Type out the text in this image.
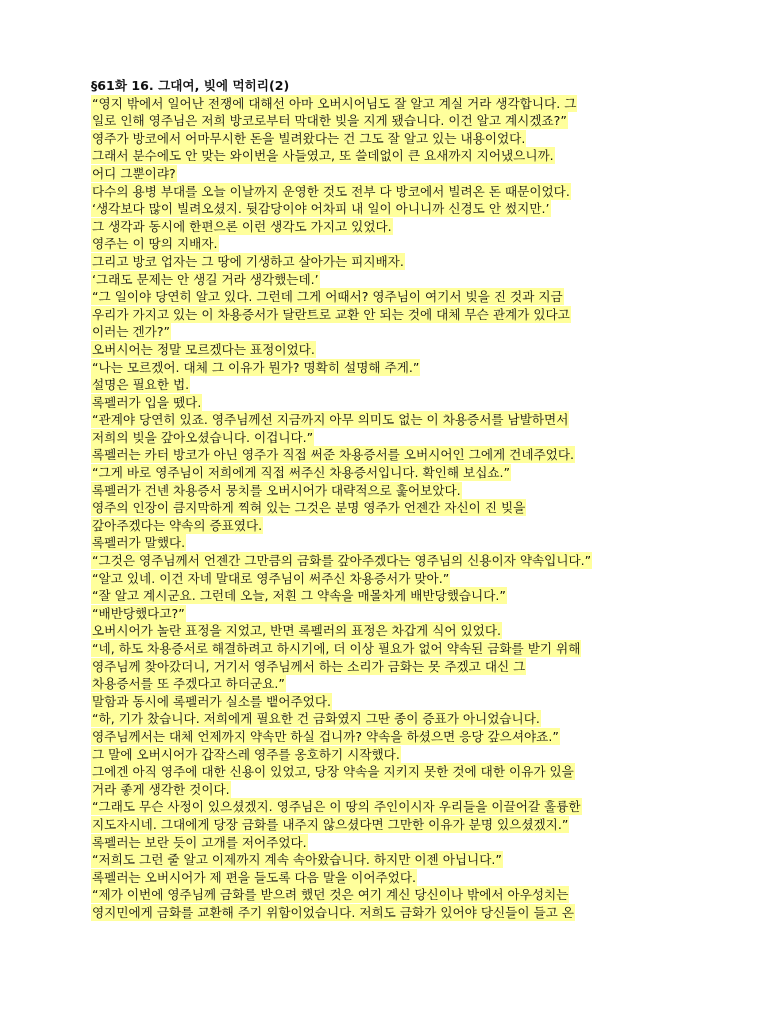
§61화 16. 그대여, 빚에 먹히리(2)
“영지 밖에서 일어난 전쟁에 대해선 아마 오버시어님도 잘 알고 계실 거라 생각합니다. 그
일로 인해 영주님은 저희 방코로부터 막대한 빚을 지게 됐습니다. 이건 알고 계시겠죠?”
영주가 방코에서 어마무시한 돈을 빌려왔다는 건 그도 잘 알고 있는 내용이었다.
그래서 분수에도 안 맞는 와이번을 사들였고, 또 쓸데없이 큰 요새까지 지어냈으니까.
어디 그뿐이랴?
다수의 용병 부대를 오늘 이날까지 운영한 것도 전부 다 방코에서 빌려온 돈 때문이었다.
‘생각보다 많이 빌려오셨지. 뒷감당이야 어차피 내 일이 아니니까 신경도 안 썼지만.’
그 생각과 동시에 한편으론 이런 생각도 가지고 있었다.
영주는 이 땅의 지배자.
그리고 방코 업자는 그 땅에 기생하고 살아가는 피지배자.
‘그래도 문제는 안 생길 거라 생각했는데.’
“그 일이야 당연히 알고 있다. 그런데 그게 어때서? 영주님이 여기서 빚을 진 것과 지금
우리가 가지고 있는 이 차용증서가 달란트로 교환 안 되는 것에 대체 무슨 관계가 있다고
이러는 겐가?”
오버시어는 정말 모르겠다는 표정이었다.
“나는 모르겠어. 대체 그 이유가 뭔가? 명확히 설명해 주게.”
설명은 필요한 법.
록펠러가 입을 뗐다.
“관계야 당연히 있죠. 영주님께선 지금까지 아무 의미도 없는 이 차용증서를 남발하면서
저희의 빚을 갚아오셨습니다. 이겁니다.”
록펠러는 카터 방코가 아닌 영주가 직접 써준 차용증서를 오버시어인 그에게 건네주었다.
“그게 바로 영주님이 저희에게 직접 써주신 차용증서입니다. 확인해 보십쇼.”
록펠러가 건넨 차용증서 뭉치를 오버시어가 대략적으로 훑어보았다.
영주의 인장이 큼지막하게 찍혀 있는 그것은 분명 영주가 언젠간 자신이 진 빚을
갚아주겠다는 약속의 증표였다.
록펠러가 말했다.
“그것은 영주님께서 언젠간 그만큼의 금화를 갚아주겠다는 영주님의 신용이자 약속입니다.”
“알고 있네. 이건 자네 말대로 영주님이 써주신 차용증서가 맞아.”
“잘 알고 계시군요. 그런데 오늘, 저흰 그 약속을 매몰차게 배반당했습니다.”
“배반당했다고?”
오버시어가 놀란 표정을 지었고, 반면 록펠러의 표정은 차갑게 식어 있었다.
“네, 하도 차용증서로 해결하려고 하시기에, 더 이상 필요가 없어 약속된 금화를 받기 위해
영주님께 찾아갔더니, 거기서 영주님께서 하는 소리가 금화는 못 주겠고 대신 그
차용증서를 또 주겠다고 하더군요.”
말함과 동시에 록펠러가 실소를 뱉어주었다.
“하, 기가 찼습니다. 저희에게 필요한 건 금화였지 그딴 종이 증표가 아니었습니다.
영주님께서는 대체 언제까지 약속만 하실 겁니까? 약속을 하셨으면 응당 갚으셔야죠.”
그 말에 오버시어가 갑작스레 영주를 옹호하기 시작했다.
그에겐 아직 영주에 대한 신용이 있었고, 당장 약속을 지키지 못한 것에 대한 이유가 있을
거라 좋게 생각한 것이다.
“그래도 무슨 사정이 있으셨겠지. 영주님은 이 땅의 주인이시자 우리들을 이끌어갈 훌륭한
지도자시네. 그대에게 당장 금화를 내주지 않으셨다면 그만한 이유가 분명 있으셨겠지.”
록펠러는 보란 듯이 고개를 저어주었다.
“저희도 그런 줄 알고 이제까지 계속 속아왔습니다. 하지만 이젠 아닙니다.”
록펠러는 오버시어가 제 편을 들도록 다음 말을 이어주었다.
“제가 이번에 영주님께 금화를 받으려 했던 것은 여기 계신 당신이나 밖에서 아우성치는
영지민에게 금화를 교환해 주기 위함이었습니다. 저희도 금화가 있어야 당신들이 들고 온
